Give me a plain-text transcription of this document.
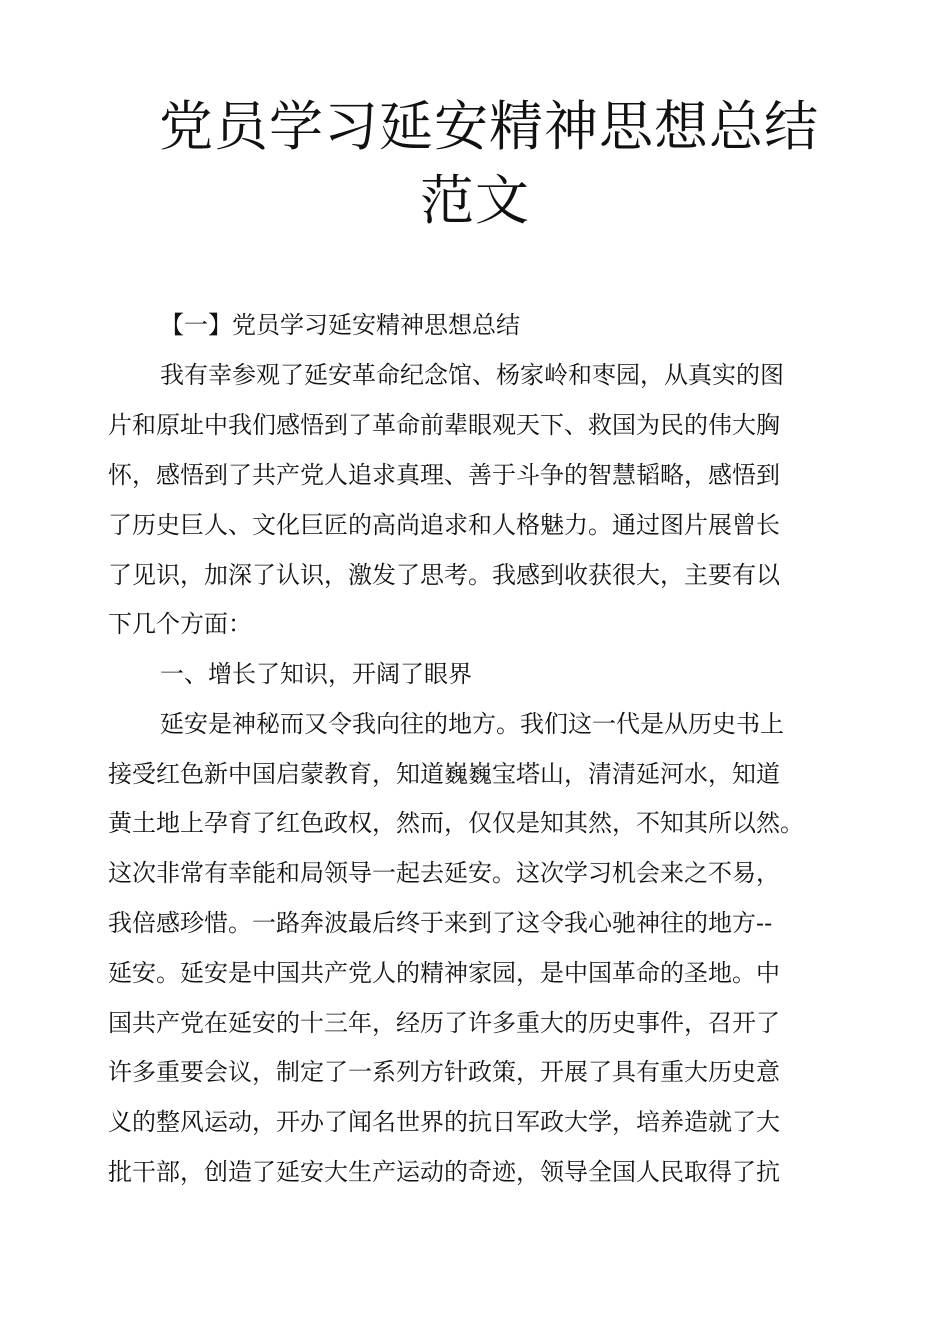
党员学习延安精神思想总结
范文
【一】党员学习延安精神思想总结
我有幸参观了延安革命纪念馆、杨家岭和枣园，从真实的图
片和原址中我们感悟到了革命前辈眼观天下、救国为民的伟大胸
怀，感悟到了共产党人追求真理、善于斗争的智慧韬略，感悟到
了历史巨人、文化巨匠的高尚追求和人格魅力。通过图片展曾长
了见识，加深了认识，激发了思考。我感到收获很大，主要有以
下几个方面：
一、增长了知识，开阔了眼界
延安是神秘而又令我向往的地方。我们这一代是从历史书上
接受红色新中国启蒙教育，知道巍巍宝塔山，清清延河水，知道
黄土地上孕育了红色政权，然而，仅仅是知其然，不知其所以然。
这次非常有幸能和局领导一起去延安。这次学习机会来之不易，
我倍感珍惜。一路奔波最后终于来到了这令我心驰神往的地方--
延安。延安是中国共产党人的精神家园，是中国革命的圣地。中
国共产党在延安的十三年，经历了许多重大的历史事件，召开了
许多重要会议，制定了一系列方针政策，开展了具有重大历史意
义的整风运动，开办了闻名世界的抗日军政大学，培养造就了大
批干部，创造了延安大生产运动的奇迹，领导全国人民取得了抗
